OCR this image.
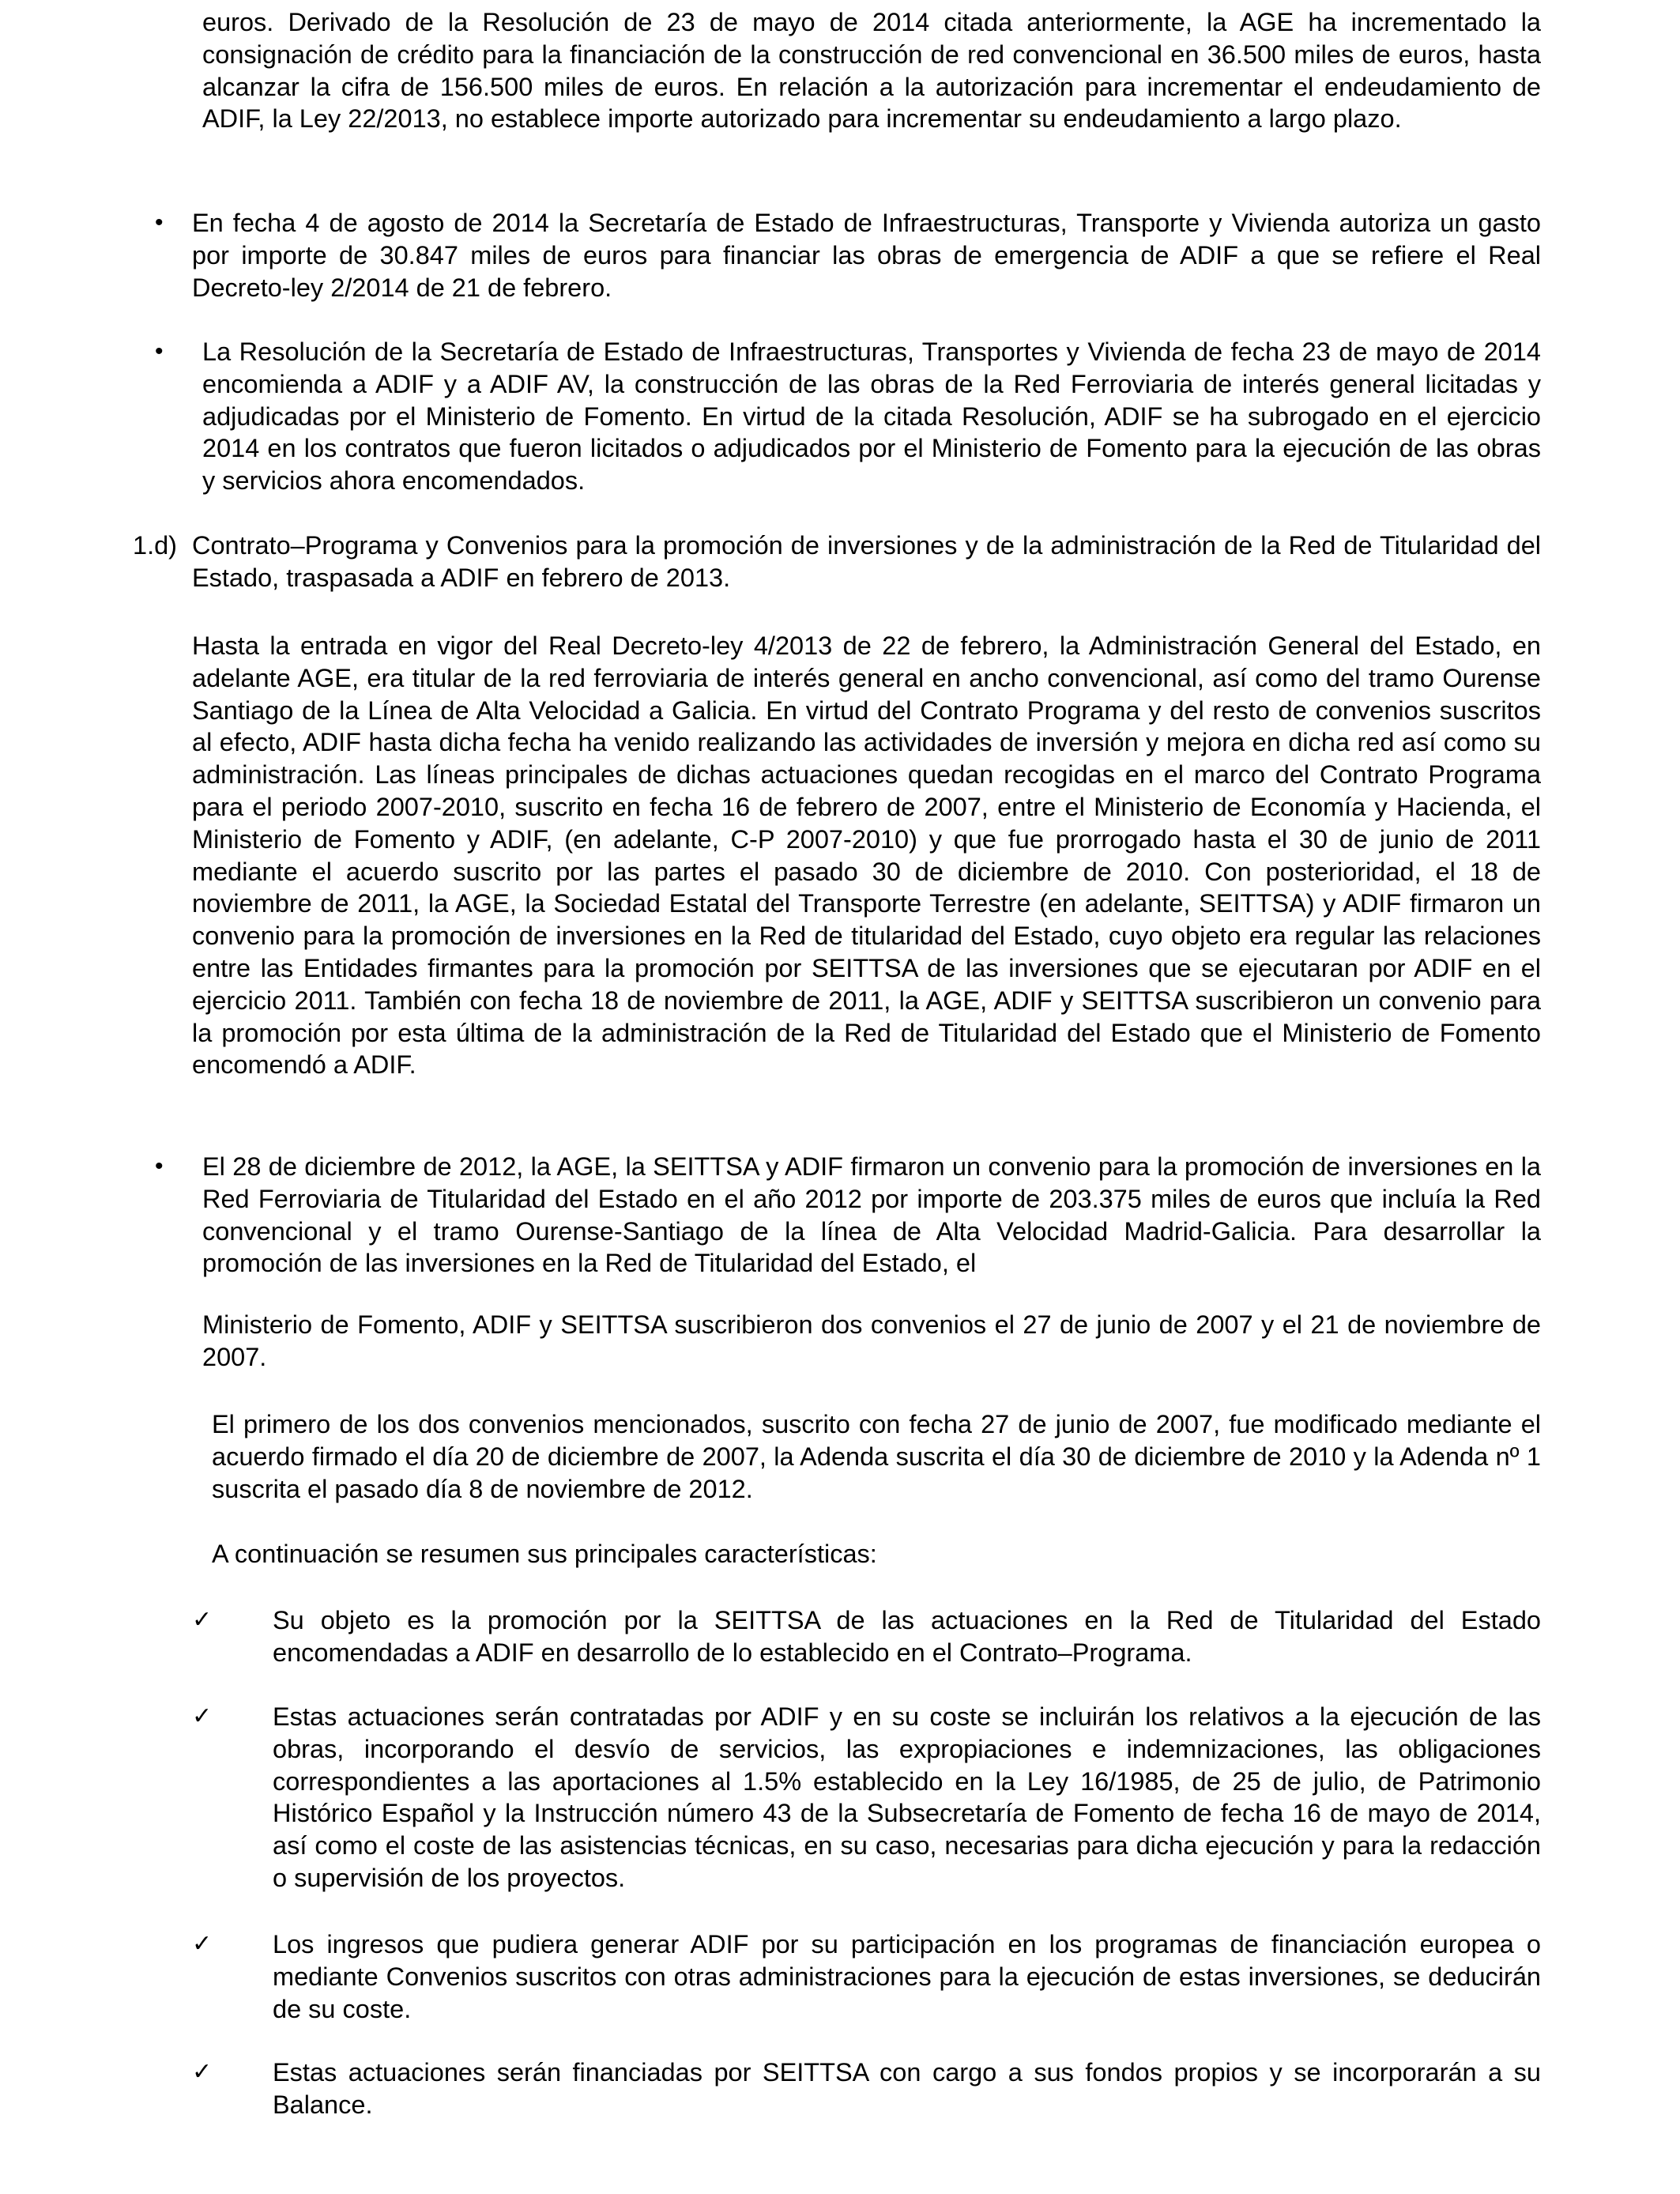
euros. Derivado de la Resolución de 23 de mayo de 2014 citada anteriormente, la AGE ha incrementado la consignación de crédito para la financiación de la construcción de red convencional en 36.500 miles de euros, hasta alcanzar la cifra de 156.500 miles de euros. En relación a la autorización para incrementar el endeudamiento de ADIF, la Ley 22/2013, no establece importe autorizado para incrementar su endeudamiento a largo plazo.

• En fecha 4 de agosto de 2014 la Secretaría de Estado de Infraestructuras, Transporte y Vivienda autoriza un gasto por importe de 30.847 miles de euros para financiar las obras de emergencia de ADIF a que se refiere el Real Decreto-ley 2/2014 de 21 de febrero.

• La Resolución de la Secretaría de Estado de Infraestructuras, Transportes y Vivienda de fecha 23 de mayo de 2014 encomienda a ADIF y a ADIF AV, la construcción de las obras de la Red Ferroviaria de interés general licitadas y adjudicadas por el Ministerio de Fomento. En virtud de la citada Resolución, ADIF se ha subrogado en el ejercicio 2014 en los contratos que fueron licitados o adjudicados por el Ministerio de Fomento para la ejecución de las obras y servicios ahora encomendados.

1.d) Contrato–Programa y Convenios para la promoción de inversiones y de la administración de la Red de Titularidad del Estado, traspasada a ADIF en febrero de 2013.

Hasta la entrada en vigor del Real Decreto-ley 4/2013 de 22 de febrero, la Administración General del Estado, en adelante AGE, era titular de la red ferroviaria de interés general en ancho convencional, así como del tramo Ourense Santiago de la Línea de Alta Velocidad a Galicia. En virtud del Contrato Programa y del resto de convenios suscritos al efecto, ADIF hasta dicha fecha ha venido realizando las actividades de inversión y mejora en dicha red así como su administración. Las líneas principales de dichas actuaciones quedan recogidas en el marco del Contrato Programa para el periodo 2007-2010, suscrito en fecha 16 de febrero de 2007, entre el Ministerio de Economía y Hacienda, el Ministerio de Fomento y ADIF, (en adelante, C-P 2007-2010) y que fue prorrogado hasta el 30 de junio de 2011 mediante el acuerdo suscrito por las partes el pasado 30 de diciembre de 2010. Con posterioridad, el 18 de noviembre de 2011, la AGE, la Sociedad Estatal del Transporte Terrestre (en adelante, SEITTSA) y ADIF firmaron un convenio para la promoción de inversiones en la Red de titularidad del Estado, cuyo objeto era regular las relaciones entre las Entidades firmantes para la promoción por SEITTSA de las inversiones que se ejecutaran por ADIF en el ejercicio 2011. También con fecha 18 de noviembre de 2011, la AGE, ADIF y SEITTSA suscribieron un convenio para la promoción por esta última de la administración de la Red de Titularidad del Estado que el Ministerio de Fomento encomendó a ADIF.

• El 28 de diciembre de 2012, la AGE, la SEITTSA y ADIF firmaron un convenio para la promoción de inversiones en la Red Ferroviaria de Titularidad del Estado en el año 2012 por importe de 203.375 miles de euros que incluía la Red convencional y el tramo Ourense-Santiago de la línea de Alta Velocidad Madrid-Galicia. Para desarrollar la promoción de las inversiones en la Red de Titularidad del Estado, el

Ministerio de Fomento, ADIF y SEITTSA suscribieron dos convenios el 27 de junio de 2007 y el 21 de noviembre de 2007.

El primero de los dos convenios mencionados, suscrito con fecha 27 de junio de 2007, fue modificado mediante el acuerdo firmado el día 20 de diciembre de 2007, la Adenda suscrita el día 30 de diciembre de 2010 y la Adenda nº 1 suscrita el pasado día 8 de noviembre de 2012.

A continuación se resumen sus principales características:

✓ Su objeto es la promoción por la SEITTSA de las actuaciones en la Red de Titularidad del Estado encomendadas a ADIF en desarrollo de lo establecido en el Contrato–Programa.

✓ Estas actuaciones serán contratadas por ADIF y en su coste se incluirán los relativos a la ejecución de las obras, incorporando el desvío de servicios, las expropiaciones e indemnizaciones, las obligaciones correspondientes a las aportaciones al 1.5% establecido en la Ley 16/1985, de 25 de julio, de Patrimonio Histórico Español y la Instrucción número 43 de la Subsecretaría de Fomento de fecha 16 de mayo de 2014, así como el coste de las asistencias técnicas, en su caso, necesarias para dicha ejecución y para la redacción o supervisión de los proyectos.

✓ Los ingresos que pudiera generar ADIF por su participación en los programas de financiación europea o mediante Convenios suscritos con otras administraciones para la ejecución de estas inversiones, se deducirán de su coste.

✓ Estas actuaciones serán financiadas por SEITTSA con cargo a sus fondos propios y se incorporarán a su Balance.
